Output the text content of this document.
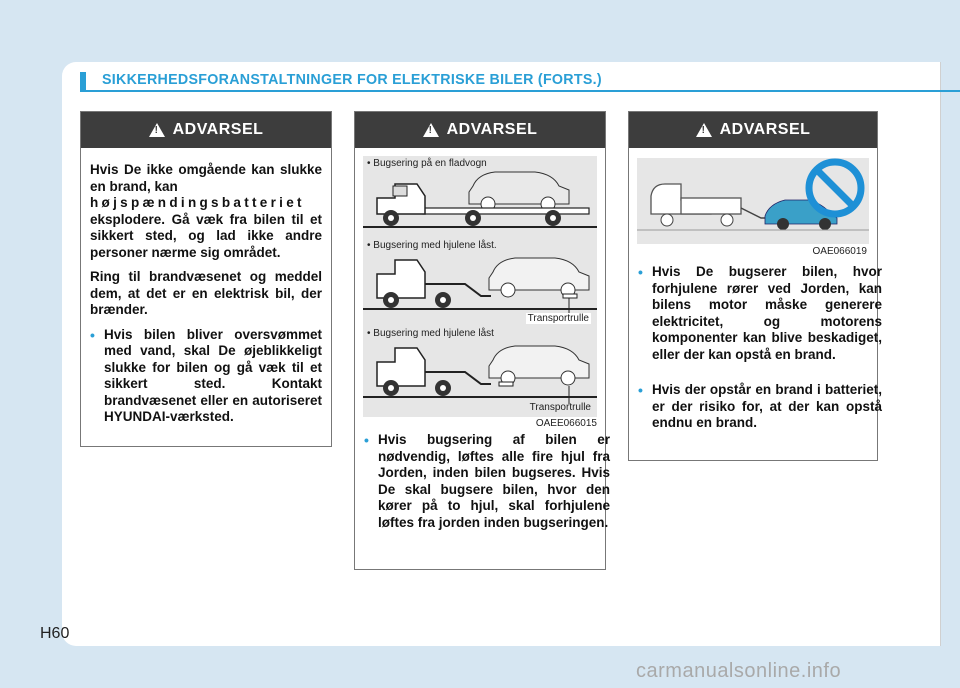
SIKKERHEDSFORANSTALTNINGER FOR ELEKTRISKE BILER (FORTS.)
! ADVARSEL
Hvis De ikke omgående kan slukke en brand, kan
højspændingsbatteriet
eksplodere. Gå væk fra bilen til et sikkert sted, og lad ikke andre personer nærme sig området.
Ring til brandvæsenet og meddel dem, at det er en elektrisk bil, der brænder.
• Hvis bilen bliver oversvømmet med vand, skal De øjeblikkeligt slukke for bilen og gå væk til et sikkert sted. Kontakt brandvæsenet eller en autoriseret HYUNDAI-værksted.
! ADVARSEL
• Bugsering på en fladvogn
• Bugsering med hjulene låst.
• Bugsering med hjulene låst
Transportrulle
Transportrulle
OAEE066015
• Hvis bugsering af bilen er nødvendig, løftes alle fire hjul fra Jorden, inden bilen bugseres. Hvis De skal bugsere bilen, hvor den kører på to hjul, skal forhjulene løftes fra jorden inden bugseringen.
! ADVARSEL
OAE066019
• Hvis De bugserer bilen, hvor forhjulene rører ved Jorden, kan bilens motor måske generere elektricitet, og motorens komponenter kan blive beskadiget, eller der kan opstå en brand.
• Hvis der opstår en brand i batteriet, er der risiko for, at der kan opstå endnu en brand.
H60
carmanualsonline.info
